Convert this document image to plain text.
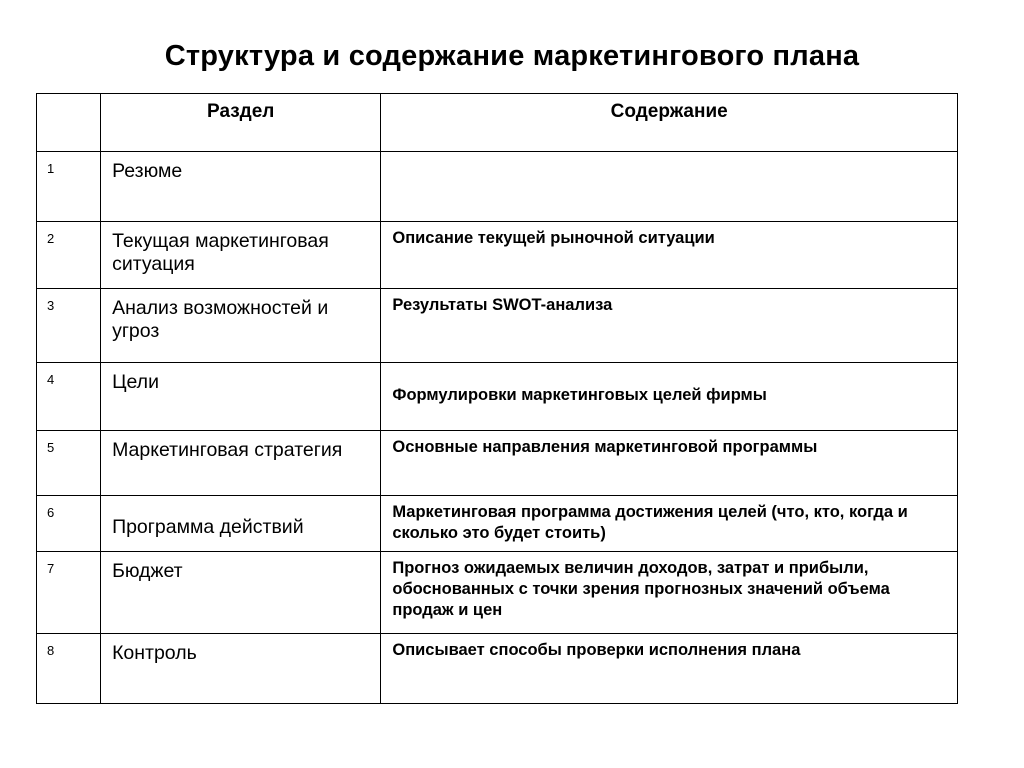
Структура и содержание маркетингового плана

	Раздел	Содержание

1	Резюме	

2	Текущая маркетинговая ситуация	Описание текущей рыночной ситуации

3	Анализ возможностей и угроз	Результаты SWOT-анализа

4	Цели	Формулировки маркетинговых целей фирмы

5	Маркетинговая стратегия	Основные направления маркетинговой программы

6	Программа действий	Маркетинговая программа достижения целей (что, кто, когда и сколько это будет стоить)

7	Бюджет	Прогноз ожидаемых величин доходов, затрат и прибыли, обоснованных с точки зрения прогнозных значений объема продаж и цен

8	Контроль	Описывает способы проверки исполнения плана
